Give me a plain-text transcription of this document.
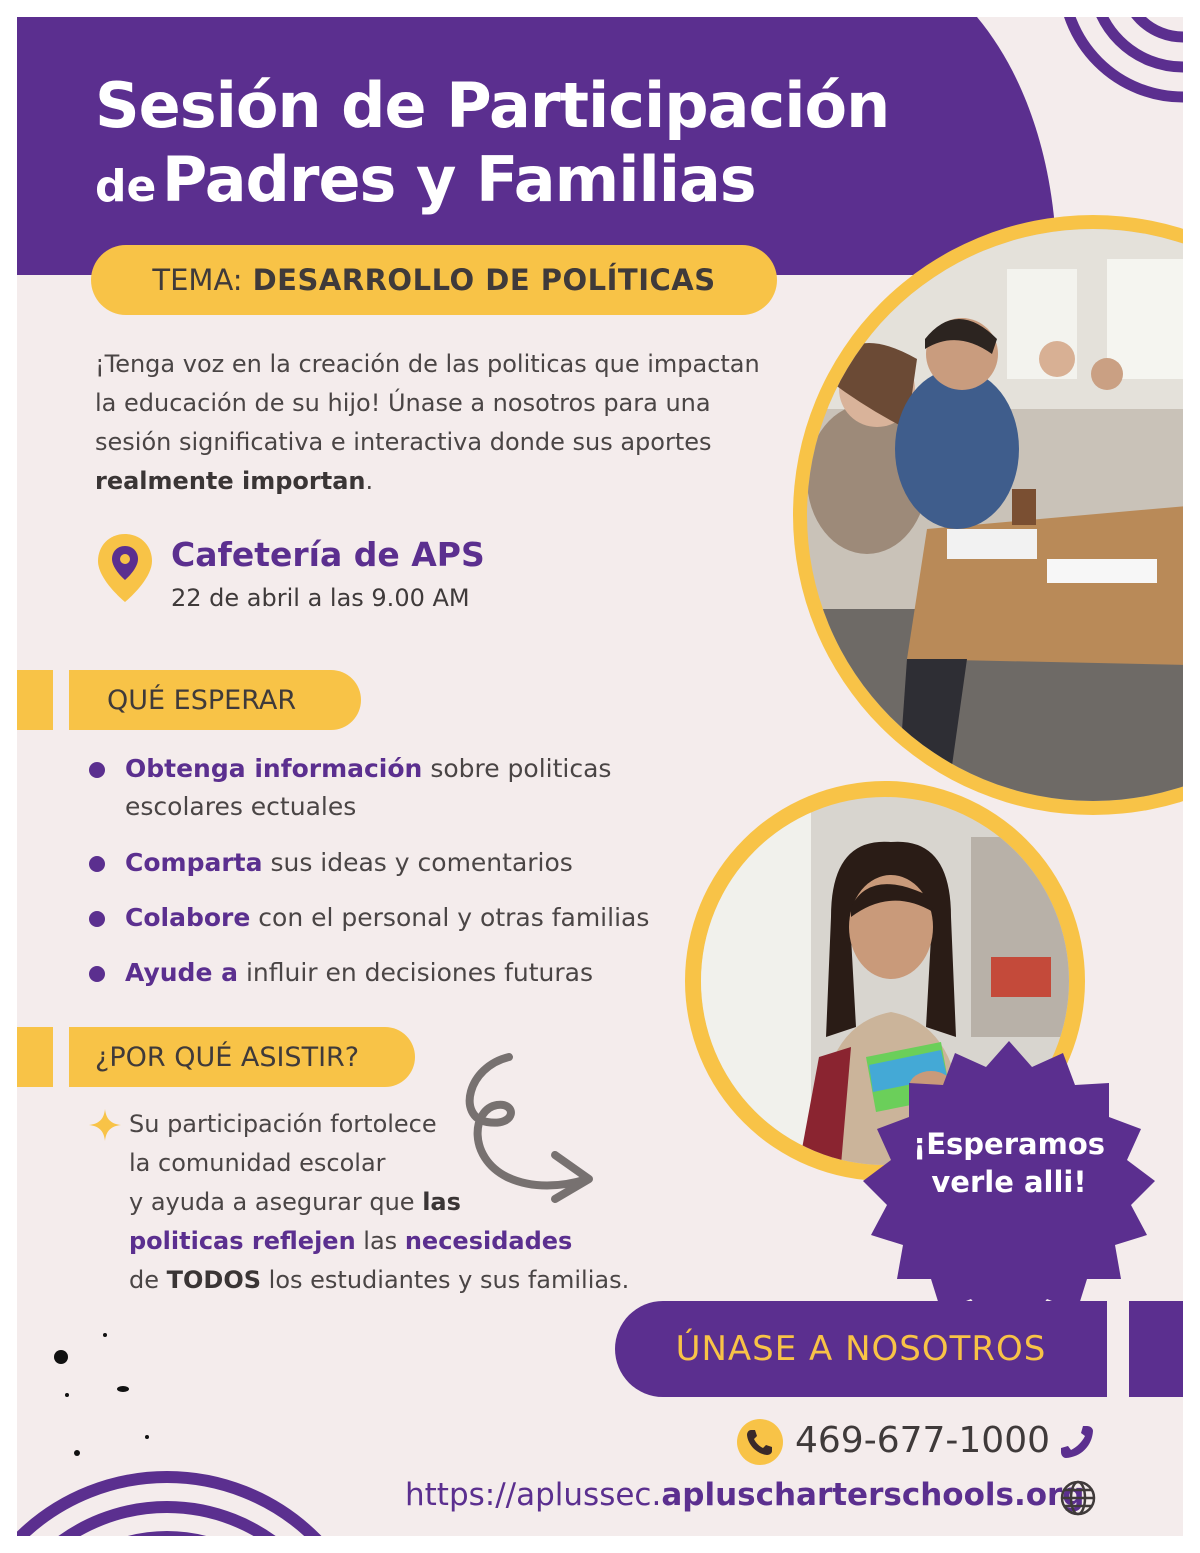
Sesión de Participación
de Padres y Familias
TEMA: DESARROLLO DE POLÍTICAS
¡Tenga voz en la creación de las politicas que impactan la educación de su hijo! Únase a nosotros para una sesión significativa e interactiva donde sus aportes realmente importan.
Cafetería de APS
22 de abril a las 9.00 AM
QUÉ ESPERAR
Obtenga información sobre politicas
escolares ectuales
Comparta sus ideas y comentarios
Colabore con el personal y otras familias
Ayude a influir en decisiones futuras
¿POR QUÉ ASISTIR?
Su participación fortolece
la comunidad escolar
y ayuda a asegurar que las
politicas reflejen las necesidades
de TODOS los estudiantes y sus familias.
¡Esperamos
verle alli!
ÚNASE A NOSOTROS
469-677-1000
https://aplussec.apluscharterschools.org
